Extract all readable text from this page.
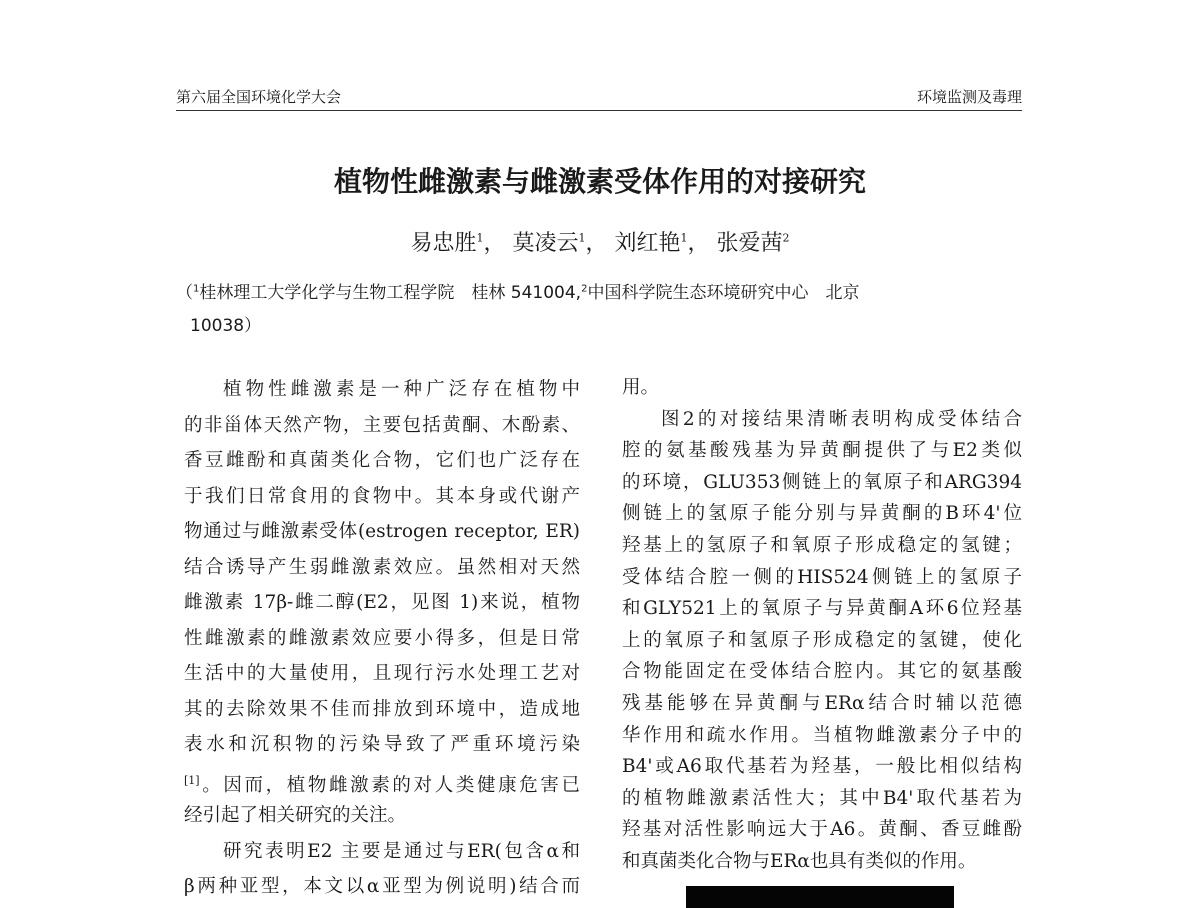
第六届全国环境化学大会	环境监测及毒理
植物性雌激素与雌激素受体作用的对接研究
易忠胜$^1$， 莫凌云$^1$， 刘红艳$^1$， 张爱茜$^2$
（$^1$桂林理工大学化学与生物工程学院　桂林 541004,$^2$中国科学院生态环境研究中心　北京
10038）
植物性雌激素是一种广泛存在植物中
的非甾体天然产物，主要包括黄酮、木酚素、
香豆雌酚和真菌类化合物，它们也广泛存在
于我们日常食用的食物中。其本身或代谢产
物通过与雌激素受体(estrogen receptor, ER)
结合诱导产生弱雌激素效应。虽然相对天然
雌激素 17β-雌二醇(E2，见图 1)来说，植物
性雌激素的雌激素效应要小得多，但是日常
生活中的大量使用，且现行污水处理工艺对
其的去除效果不佳而排放到环境中，造成地
表水和沉积物的污染导致了严重环境污染
[1]。因而，植物雌激素的对人类健康危害已
经引起了相关研究的关注。
研究表明E2 主要是通过与ER(包含α和
β两种亚型，本文以α亚型为例说明)结合而
用。
图2的对接结果清晰表明构成受体结合
腔的氨基酸残基为异黄酮提供了与E2类似
的环境，GLU353侧链上的氧原子和ARG394
侧链上的氢原子能分别与异黄酮的B环4'位
羟基上的氢原子和氧原子形成稳定的氢键；
受体结合腔一侧的HIS524侧链上的氢原子
和GLY521上的氧原子与异黄酮A环6位羟基
上的氧原子和氢原子形成稳定的氢键，使化
合物能固定在受体结合腔内。其它的氨基酸
残基能够在异黄酮与ERα结合时辅以范德
华作用和疏水作用。当植物雌激素分子中的
B4'或A6取代基若为羟基，一般比相似结构
的植物雌激素活性大；其中B4'取代基若为
羟基对活性影响远大于A6。黄酮、香豆雌酚
和真菌类化合物与ERα也具有类似的作用。
